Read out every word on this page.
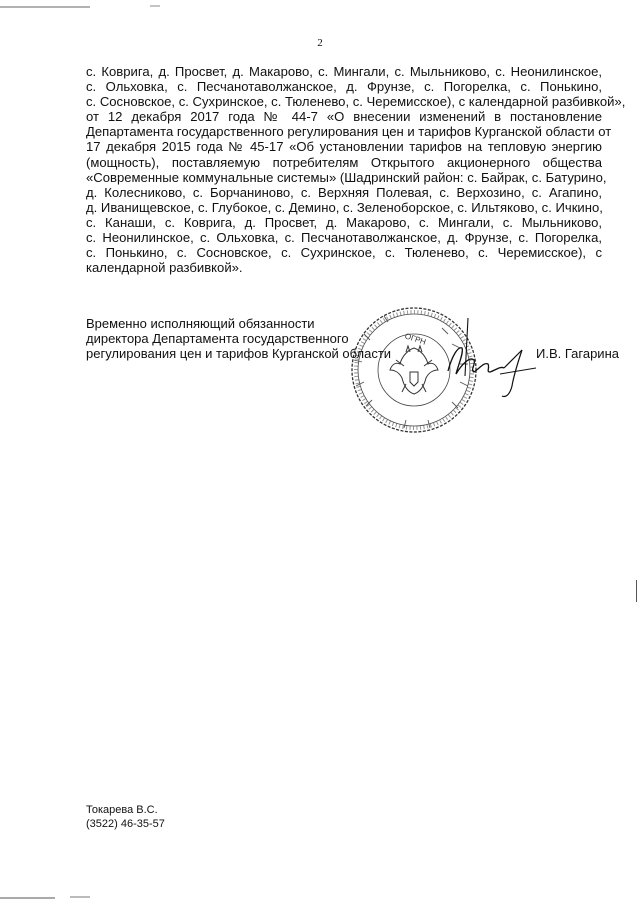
2
с. Коврига, д. Просвет, д. Макарово, с. Мингали, с. Мыльниково, с. Неонилинское,
с. Ольховка, с. Песчанотаволжанское, д. Фрунзе, с. Погорелка, с. Понькино,
с. Сосновское, с. Сухринское, с. Тюленево, с. Черемисское), с календарной разбивкой»,
от 12 декабря 2017 года № 44-7 «О внесении изменений в постановление
Департамента государственного регулирования цен и тарифов Курганской области от
17 декабря 2015 года № 45-17 «Об установлении тарифов на тепловую энергию
(мощность), поставляемую потребителям Открытого акционерного общества
«Современные коммунальные системы» (Шадринский район: с. Байрак, с. Батурино,
д. Колесниково, с. Борчаниново, с. Верхняя Полевая, с. Верхозино, с. Агапино,
д. Иванищевское, с. Глубокое, с. Демино, с. Зеленоборское, с. Ильтяково, с. Ичкино,
с. Канаши, с. Коврига, д. Просвет, д. Макарово, с. Мингали, с. Мыльниково,
с. Неонилинское, с. Ольховка, с. Песчанотаволжанское, д. Фрунзе, с. Погорелка,
с. Понькино, с. Сосновское, с. Сухринское, с. Тюленево, с. Черемисское), с
календарной разбивкой».
ОГРН
Временно исполняющий обязанности
директора Департамента государственного
регулирования цен и тарифов Курганской области	И.В. Гагарина
Токарева В.С.
(3522) 46-35-57
